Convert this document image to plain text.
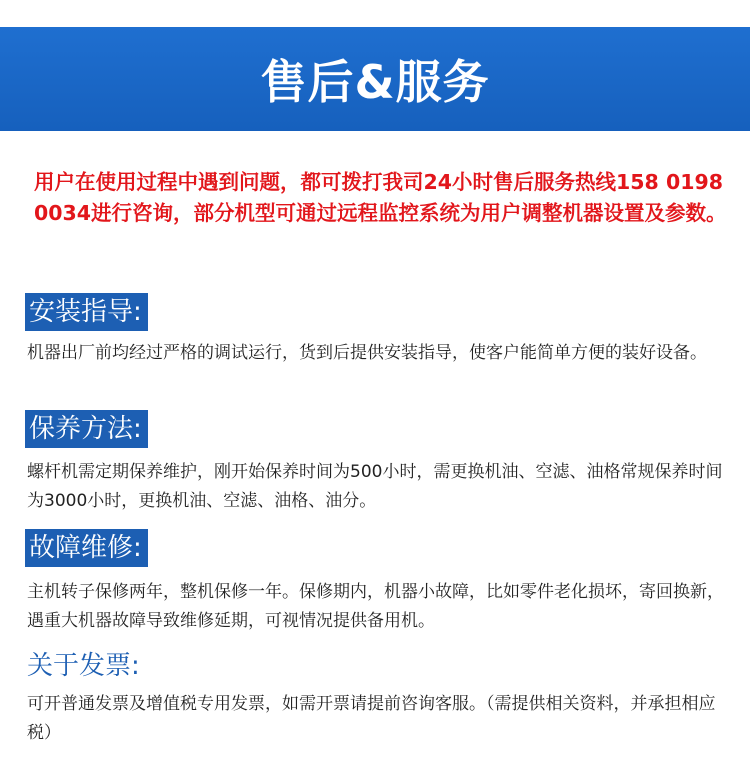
售后&服务

用户在使用过程中遇到问题，都可拨打我司24小时售后服务热线158 0198 0034进行咨询，部分机型可通过远程监控系统为用户调整机器设置及参数。

安装指导:

机器出厂前均经过严格的调试运行，货到后提供安装指导，使客户能简单方便的装好设备。

保养方法:

螺杆机需定期保养维护，刚开始保养时间为500小时，需更换机油、空滤、油格常规保养时间为3000小时，更换机油、空滤、油格、油分。

故障维修:

主机转子保修两年，整机保修一年。保修期内，机器小故障，比如零件老化损坏，寄回换新，遇重大机器故障导致维修延期，可视情况提供备用机。

关于发票:

可开普通发票及增值税专用发票，如需开票请提前咨询客服。（需提供相关资料，并承担相应税）
